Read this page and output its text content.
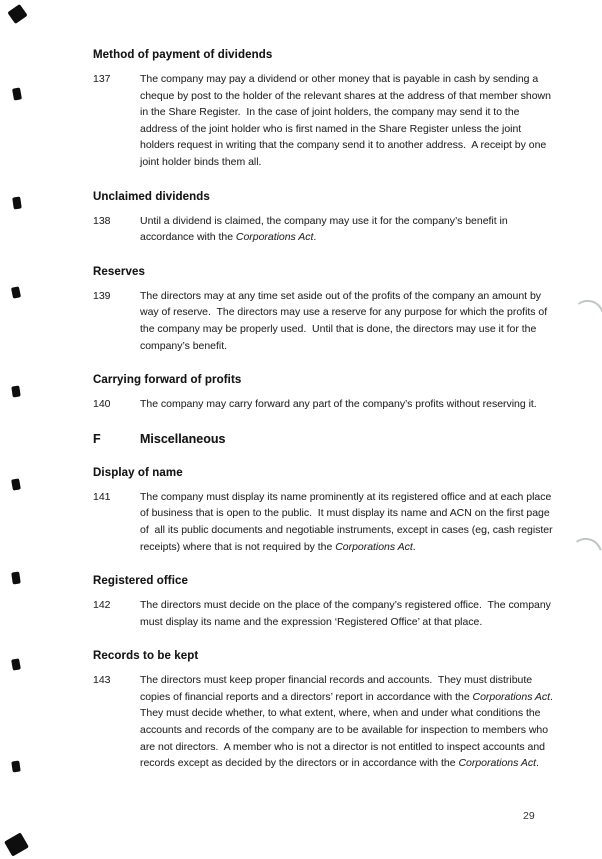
Method of payment of dividends
137	The company may pay a dividend or other money that is payable in cash by sending a
cheque by post to the holder of the relevant shares at the address of that member shown
in the Share Register.  In the case of joint holders, the company may send it to the
address of the joint holder who is first named in the Share Register unless the joint
holders request in writing that the company send it to another address.  A receipt by one
joint holder binds them all.
Unclaimed dividends
138	Until a dividend is claimed, the company may use it for the company’s benefit in
accordance with the Corporations Act.
Reserves
139	The directors may at any time set aside out of the profits of the company an amount by
way of reserve.  The directors may use a reserve for any purpose for which the profits of
the company may be properly used.  Until that is done, the directors may use it for the
company’s benefit.
Carrying forward of profits
140	The company may carry forward any part of the company’s profits without reserving it.
F	Miscellaneous
Display of name
141	The company must display its name prominently at its registered office and at each place
of business that is open to the public.  It must display its name and ACN on the first page
of  all its public documents and negotiable instruments, except in cases (eg, cash register
receipts) where that is not required by the Corporations Act.
Registered office
142	The directors must decide on the place of the company’s registered office.  The company
must display its name and the expression ‘Registered Office’ at that place.
Records to be kept
143	The directors must keep proper financial records and accounts.  They must distribute
copies of financial reports and a directors’ report in accordance with the Corporations Act.
They must decide whether, to what extent, where, when and under what conditions the
accounts and records of the company are to be available for inspection to members who
are not directors.  A member who is not a director is not entitled to inspect accounts and
records except as decided by the directors or in accordance with the Corporations Act.
29
